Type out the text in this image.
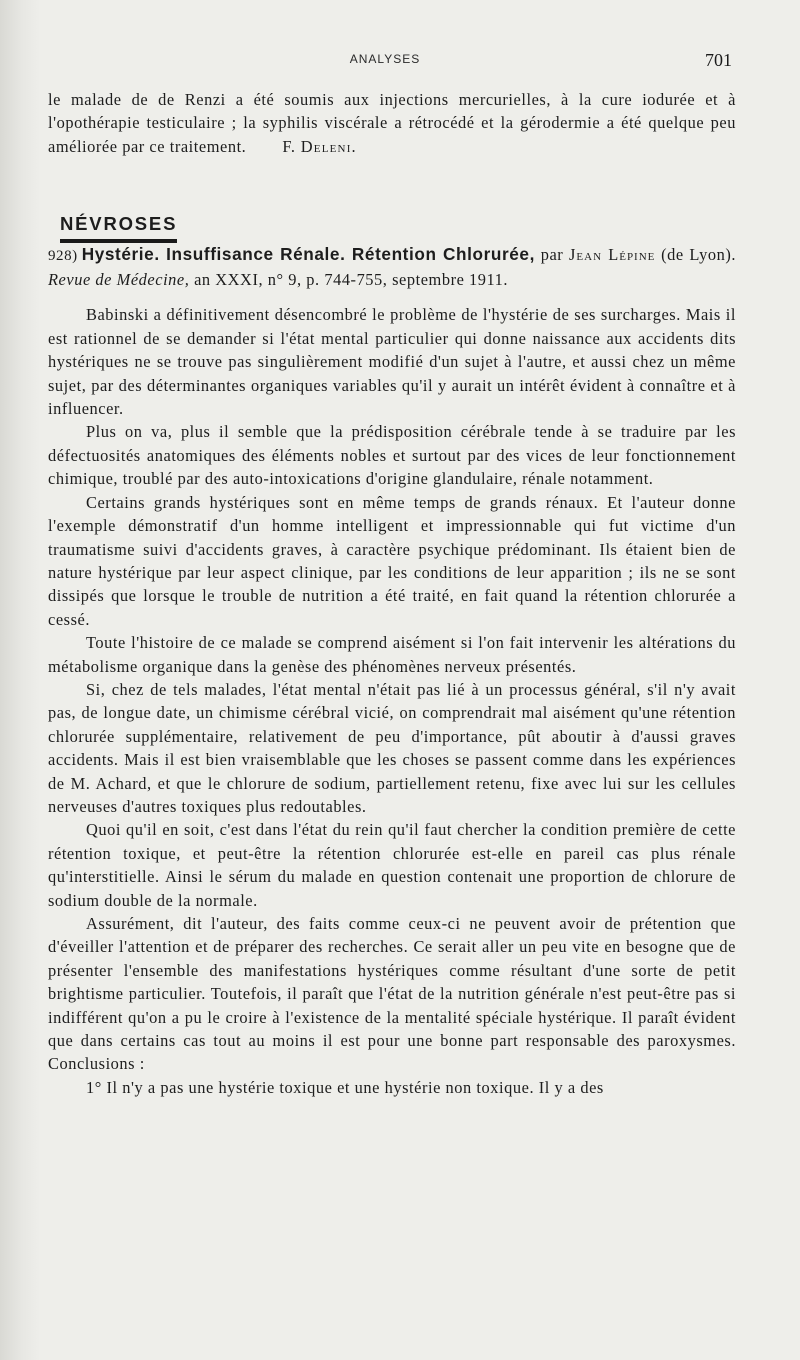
ANALYSES	701

le malade de de Renzi a été soumis aux injections mercurielles, à la cure iodurée et à l'opothérapie testiculaire ; la syphilis viscérale a rétrocédé et la gérodermie a été quelque peu améliorée par ce traitement. F. Deleni.

NÉVROSES

928) Hystérie. Insuffisance Rénale. Rétention Chlorurée, par Jean Lépine (de Lyon). Revue de Médecine, an XXXI, n° 9, p. 744-755, septembre 1911.

Babinski a définitivement désencombré le problème de l'hystérie de ses surcharges. Mais il est rationnel de se demander si l'état mental particulier qui donne naissance aux accidents dits hystériques ne se trouve pas singulièrement modifié d'un sujet à l'autre, et aussi chez un même sujet, par des déterminantes organiques variables qu'il y aurait un intérêt évident à connaître et à influencer.

Plus on va, plus il semble que la prédisposition cérébrale tende à se traduire par les défectuosités anatomiques des éléments nobles et surtout par des vices de leur fonctionnement chimique, troublé par des auto-intoxications d'origine glandulaire, rénale notamment.

Certains grands hystériques sont en même temps de grands rénaux. Et l'auteur donne l'exemple démonstratif d'un homme intelligent et impressionnable qui fut victime d'un traumatisme suivi d'accidents graves, à caractère psychique prédominant. Ils étaient bien de nature hystérique par leur aspect clinique, par les conditions de leur apparition ; ils ne se sont dissipés que lorsque le trouble de nutrition a été traité, en fait quand la rétention chlorurée a cessé.

Toute l'histoire de ce malade se comprend aisément si l'on fait intervenir les altérations du métabolisme organique dans la genèse des phénomènes nerveux présentés.

Si, chez de tels malades, l'état mental n'était pas lié à un processus général, s'il n'y avait pas, de longue date, un chimisme cérébral vicié, on comprendrait mal aisément qu'une rétention chlorurée supplémentaire, relativement de peu d'importance, pût aboutir à d'aussi graves accidents. Mais il est bien vraisemblable que les choses se passent comme dans les expériences de M. Achard, et que le chlorure de sodium, partiellement retenu, fixe avec lui sur les cellules nerveuses d'autres toxiques plus redoutables.

Quoi qu'il en soit, c'est dans l'état du rein qu'il faut chercher la condition première de cette rétention toxique, et peut-être la rétention chlorurée est-elle en pareil cas plus rénale qu'interstitielle. Ainsi le sérum du malade en question contenait une proportion de chlorure de sodium double de la normale.

Assurément, dit l'auteur, des faits comme ceux-ci ne peuvent avoir de prétention que d'éveiller l'attention et de préparer des recherches. Ce serait aller un peu vite en besogne que de présenter l'ensemble des manifestations hystériques comme résultant d'une sorte de petit brightisme particulier. Toutefois, il paraît que l'état de la nutrition générale n'est peut-être pas si indifférent qu'on a pu le croire à l'existence de la mentalité spéciale hystérique. Il paraît évident que dans certains cas tout au moins il est pour une bonne part responsable des paroxysmes. Conclusions :

1° Il n'y a pas une hystérie toxique et une hystérie non toxique. Il y a des
